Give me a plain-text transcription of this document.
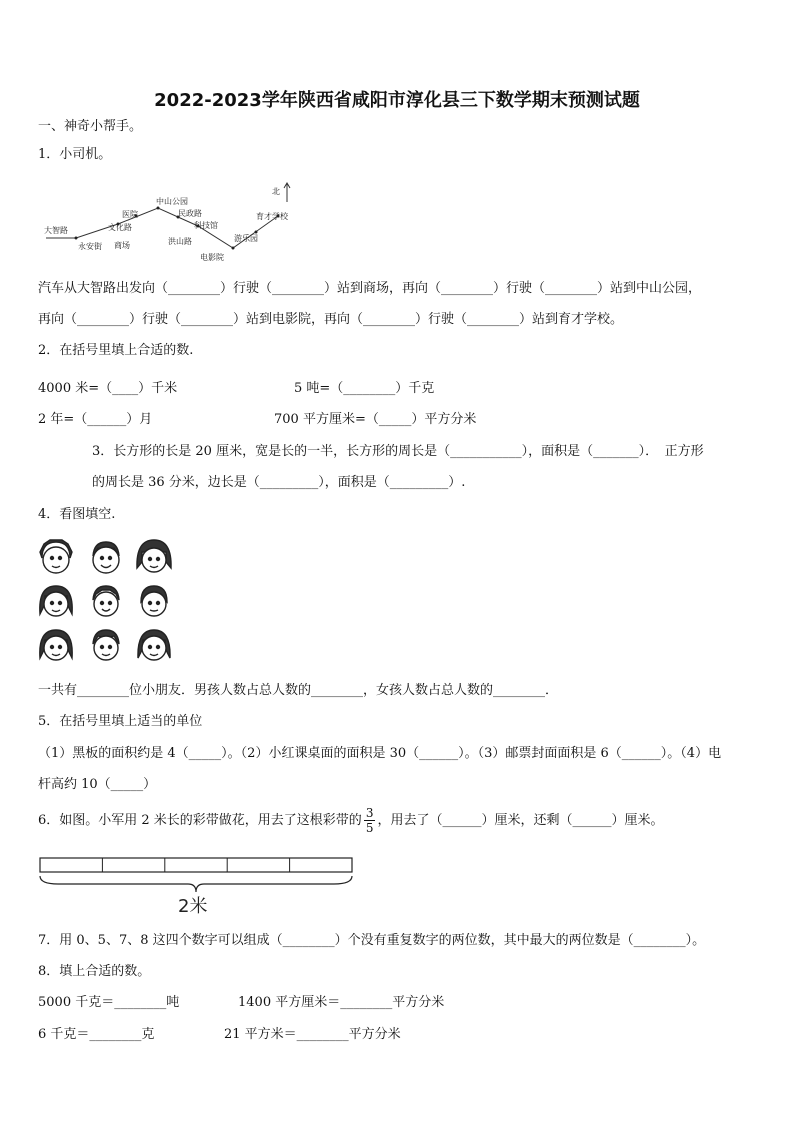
2022-2023学年陕西省咸阳市淳化县三下数学期末预测试题
一、神奇小帮手。
1．小司机。
大智路
永安街
文化路
医院
商场
中山公园
民政路
洪山路
科技馆
电影院
游乐园
育才学校
北
汽车从大智路出发向（________）行驶（________）站到商场，再向（________）行驶（________）站到中山公园，
再向（________）行驶（________）站到电影院，再向（________）行驶（________）站到育才学校。
2．在括号里填上合适的数.
4000 米=（____）千米	5 吨=（________）千克
2 年=（______）月	700 平方厘米=（_____）平方分米
3．长方形的长是 20 厘米，宽是长的一半，长方形的周长是（___________），面积是（_______）．　正方形
的周长是 36 分米，边长是（_________），面积是（_________）.
4．看图填空.
一共有________位小朋友．男孩人数占总人数的________，女孩人数占总人数的________．
5．在括号里填上适当的单位
（1）黑板的面积约是 4（_____）。（2）小红课桌面的面积是 30（______）。（3）邮票封面面积是 6（______）。（4）电
杆高约 10（_____）
6．如图。小军用 2 米长的彩带做花，用去了这根彩带的 $\frac{3}{5}$ ，用去了（______）厘米，还剩（______）厘米。
2米
7．用 0、5、7、8 这四个数字可以组成（________）个没有重复数字的两位数，其中最大的两位数是（________）。
8．填上合适的数。
5000 千克＝________吨	1400 平方厘米＝________平方分米
6 千克＝________克	21 平方米＝________平方分米
